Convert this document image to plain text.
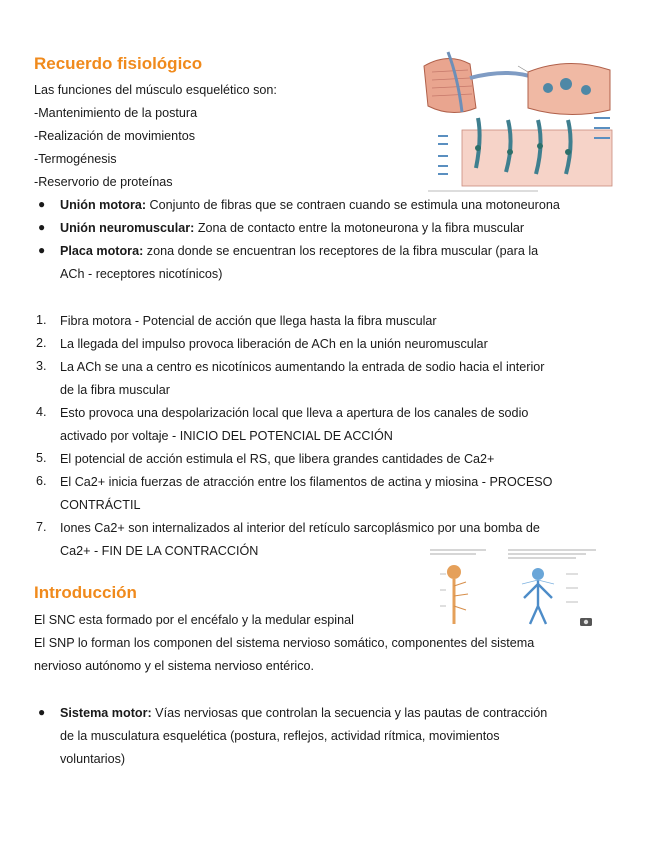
Recuerdo fisiológico
Las funciones del músculo esquelético son:
-Mantenimiento de la postura
-Realización de movimientos
-Termogénesis
-Reservorio de proteínas
● Unión motora: Conjunto de fibras que se contraen cuando se estimula una motoneurona
● Unión neuromuscular: Zona de contacto entre la motoneurona y la fibra muscular
● Placa motora: zona donde se encuentran los receptores de la fibra muscular (para la
ACh - receptores nicotínicos)
1. Fibra motora - Potencial de acción que llega hasta la fibra muscular
2. La llegada del impulso provoca liberación de ACh en la unión neuromuscular
3. La ACh se una a centro es nicotínicos aumentando la entrada de sodio hacia el interior
de la fibra muscular
4. Esto provoca una despolarización local que lleva a apertura de los canales de sodio
activado por voltaje - INICIO DEL POTENCIAL DE ACCIÓN
5. El potencial de acción estimula el RS, que libera grandes cantidades de Ca2+
6. El Ca2+ inicia fuerzas de atracción entre los filamentos de actina y miosina - PROCESO
CONTRÁCTIL
7. Iones Ca2+ son internalizados al interior del retículo sarcoplásmico por una bomba de
Ca2+ - FIN DE LA CONTRACCIÓN
Introducción
El SNC esta formado por el encéfalo y la medular espinal
El SNP lo forman los componen del sistema nervioso somático, componentes del sistema
nervioso autónomo y el sistema nervioso entérico.
● Sistema motor: Vías nerviosas que controlan la secuencia y las pautas de contracción
de la musculatura esquelética (postura, reflejos, actividad rítmica, movimientos
voluntarios)
